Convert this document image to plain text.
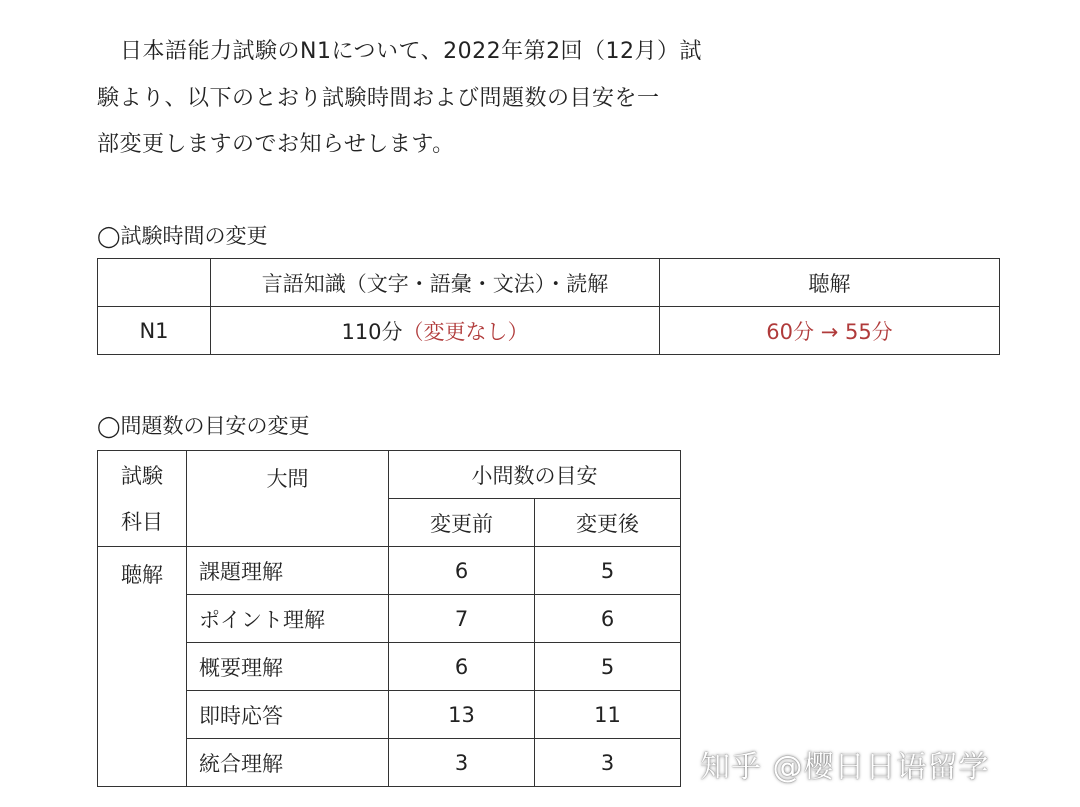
日本語能力試験のN1について、2022年第2回（12月）試
験より、以下のとおり試験時間および問題数の目安を一
部変更しますのでお知らせします。
◯試験時間の変更
	言語知識（文字・語彙・文法）・読解	聴解
N1	110分（変更なし）	60分 → 55分
◯問題数の目安の変更
試験
科目	大問	小問数の目安	
		変更前	変更後
聴解	課題理解	6	5
	ポイント理解	7	6
	概要理解	6	5
	即時応答	13	11
	統合理解	3	3	知乎 @樱日日语留学
